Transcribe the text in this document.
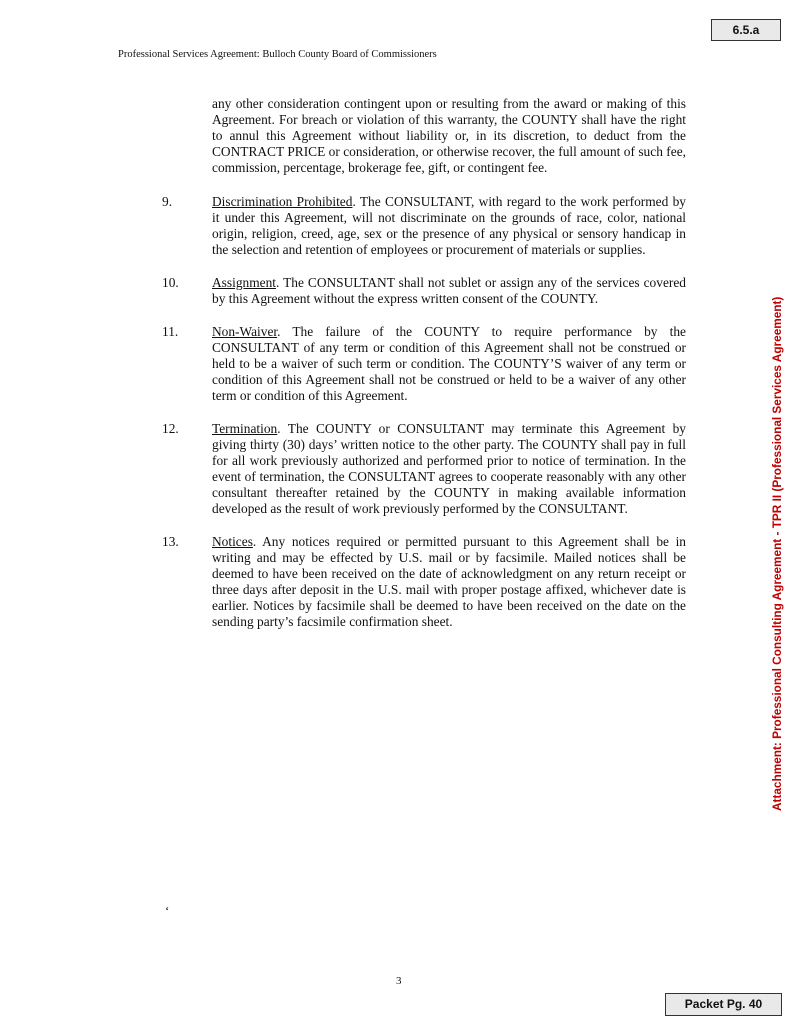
6.5.a
Professional Services Agreement: Bulloch County Board of Commissioners
Attachment: Professional Consulting Agreement - TPR II (Professional Services Agreement)

any other consideration contingent upon or resulting from the award or making of this Agreement. For breach or violation of this warranty, the COUNTY shall have the right to annul this Agreement without liability or, in its discretion, to deduct from the CONTRACT PRICE or consideration, or otherwise recover, the full amount of such fee, commission, percentage, brokerage fee, gift, or contingent fee.

9.	Discrimination Prohibited. The CONSULTANT, with regard to the work performed by it under this Agreement, will not discriminate on the grounds of race, color, national origin, religion, creed, age, sex or the presence of any physical or sensory handicap in the selection and retention of employees or procurement of materials or supplies.
10. Assignment. The CONSULTANT shall not sublet or assign any of the services covered by this Agreement without the express written consent of the COUNTY.
11.	Non-Waiver. The failure of the COUNTY to require performance by the CONSULTANT of any term or condition of this Agreement shall not be construed or held to be a waiver of such term or condition. The COUNTY’S waiver of any term or condition of this Agreement shall not be construed or held to be a waiver of any other term or condition of this Agreement.
12. Termination. The COUNTY or CONSULTANT may terminate this Agreement by giving thirty (30) days’ written notice to the other party. The COUNTY shall pay in full for all work previously authorized and performed prior to notice of termination. In the event of termination, the CONSULTANT agrees to cooperate reasonably with any other consultant thereafter retained by the COUNTY in making available information developed as the result of work previously performed by the CONSULTANT.
13. Notices. Any notices required or permitted pursuant to this Agreement shall be in writing and may be effected by U.S. mail or by facsimile. Mailed notices shall be deemed to have been received on the date of acknowledgment on any return receipt or three days after deposit in the U.S. mail with proper postage affixed, whichever date is earlier. Notices by facsimile shall be deemed to have been received on the date on the sending party’s facsimile confirmation sheet.
‘
3
Packet Pg. 40
